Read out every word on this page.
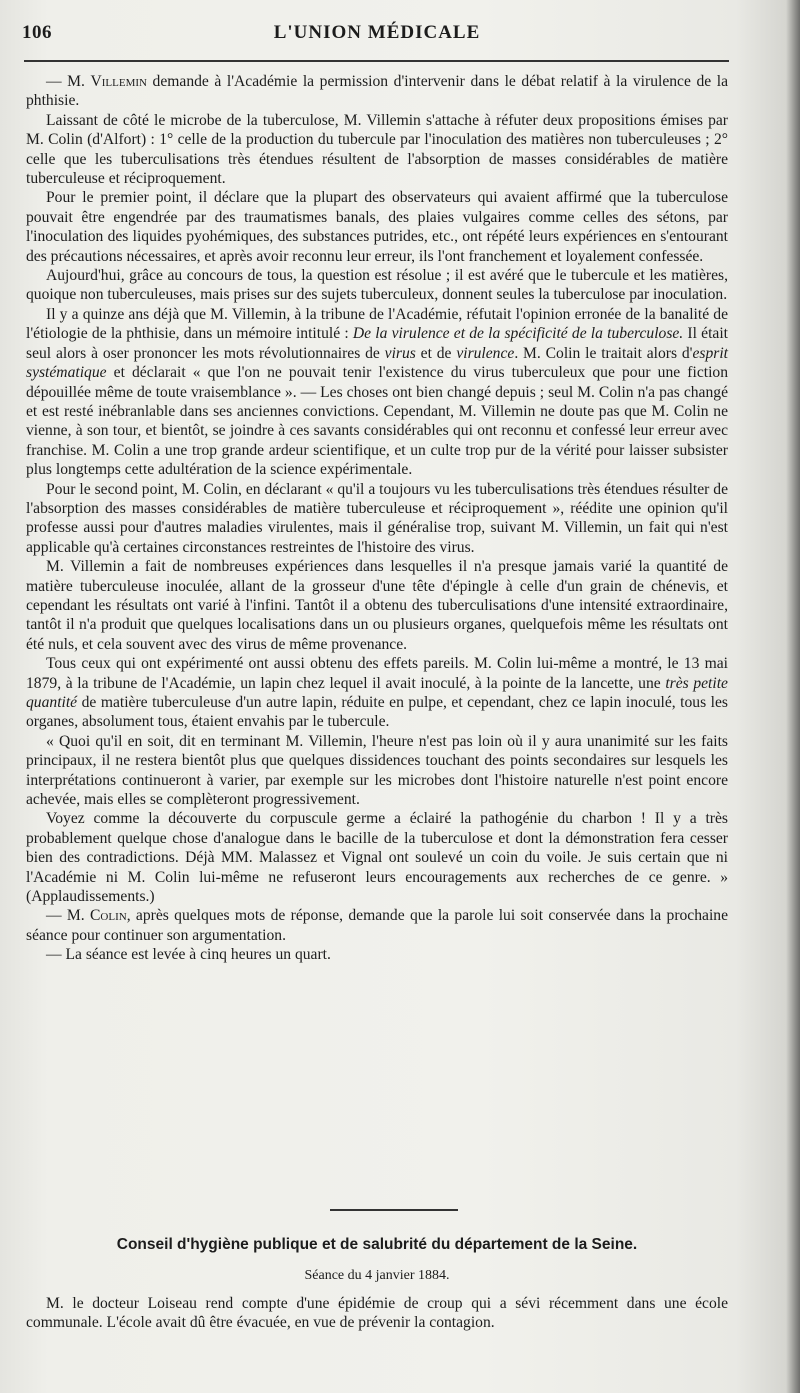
106	L'UNION MÉDICALE

— M. Villemin demande à l'Académie la permission d'intervenir dans le débat relatif à la virulence de la phthisie.

Laissant de côté le microbe de la tuberculose, M. Villemin s'attache à réfuter deux propositions émises par M. Colin (d'Alfort) : 1° celle de la production du tubercule par l'inoculation des matières non tuberculeuses ; 2° celle que les tuberculisations très étendues résultent de l'absorption de masses considérables de matière tuberculeuse et réciproquement.

Pour le premier point, il déclare que la plupart des observateurs qui avaient affirmé que la tuberculose pouvait être engendrée par des traumatismes banals, des plaies vulgaires comme celles des sétons, par l'inoculation des liquides pyohémiques, des substances putrides, etc., ont répété leurs expériences en s'entourant des précautions nécessaires, et après avoir reconnu leur erreur, ils l'ont franchement et loyalement confessée.

Aujourd'hui, grâce au concours de tous, la question est résolue ; il est avéré que le tubercule et les matières, quoique non tuberculeuses, mais prises sur des sujets tuberculeux, donnent seules la tuberculose par inoculation.

Il y a quinze ans déjà que M. Villemin, à la tribune de l'Académie, réfutait l'opinion erronée de la banalité de l'étiologie de la phthisie, dans un mémoire intitulé : De la virulence et de la spécificité de la tuberculose. Il était seul alors à oser prononcer les mots révolutionnaires de virus et de virulence. M. Colin le traitait alors d'esprit systématique et déclarait « que l'on ne pouvait tenir l'existence du virus tuberculeux que pour une fiction dépouillée même de toute vraisemblance ». — Les choses ont bien changé depuis ; seul M. Colin n'a pas changé et est resté inébranlable dans ses anciennes convictions. Cependant, M. Villemin ne doute pas que M. Colin ne vienne, à son tour, et bientôt, se joindre à ces savants considérables qui ont reconnu et confessé leur erreur avec franchise. M. Colin a une trop grande ardeur scientifique, et un culte trop pur de la vérité pour laisser subsister plus longtemps cette adultération de la science expérimentale.

Pour le second point, M. Colin, en déclarant « qu'il a toujours vu les tuberculisations très étendues résulter de l'absorption des masses considérables de matière tuberculeuse et réciproquement », réédite une opinion qu'il professe aussi pour d'autres maladies virulentes, mais il généralise trop, suivant M. Villemin, un fait qui n'est applicable qu'à certaines circonstances restreintes de l'histoire des virus.

M. Villemin a fait de nombreuses expériences dans lesquelles il n'a presque jamais varié la quantité de matière tuberculeuse inoculée, allant de la grosseur d'une tête d'épingle à celle d'un grain de chénevis, et cependant les résultats ont varié à l'infini. Tantôt il a obtenu des tuberculisations d'une intensité extraordinaire, tantôt il n'a produit que quelques localisations dans un ou plusieurs organes, quelquefois même les résultats ont été nuls, et cela souvent avec des virus de même provenance.

Tous ceux qui ont expérimenté ont aussi obtenu des effets pareils. M. Colin lui-même a montré, le 13 mai 1879, à la tribune de l'Académie, un lapin chez lequel il avait inoculé, à la pointe de la lancette, une très petite quantité de matière tuberculeuse d'un autre lapin, réduite en pulpe, et cependant, chez ce lapin inoculé, tous les organes, absolument tous, étaient envahis par le tubercule.

« Quoi qu'il en soit, dit en terminant M. Villemin, l'heure n'est pas loin où il y aura unanimité sur les faits principaux, il ne restera bientôt plus que quelques dissidences touchant des points secondaires sur lesquels les interprétations continueront à varier, par exemple sur les microbes dont l'histoire naturelle n'est point encore achevée, mais elles se complèteront progressivement.

Voyez comme la découverte du corpuscule germe a éclairé la pathogénie du charbon ! Il y a très probablement quelque chose d'analogue dans le bacille de la tuberculose et dont la démonstration fera cesser bien des contradictions. Déjà MM. Malassez et Vignal ont soulevé un coin du voile. Je suis certain que ni l'Académie ni M. Colin lui-même ne refuseront leurs encouragements aux recherches de ce genre. » (Applaudissements.)

— M. Colin, après quelques mots de réponse, demande que la parole lui soit conservée dans la prochaine séance pour continuer son argumentation.

— La séance est levée à cinq heures un quart.

Conseil d'hygiène publique et de salubrité du département de la Seine.
Séance du 4 janvier 1884.

M. le docteur Loiseau rend compte d'une épidémie de croup qui a sévi récemment dans une école communale. L'école avait dû être évacuée, en vue de prévenir la contagion.
